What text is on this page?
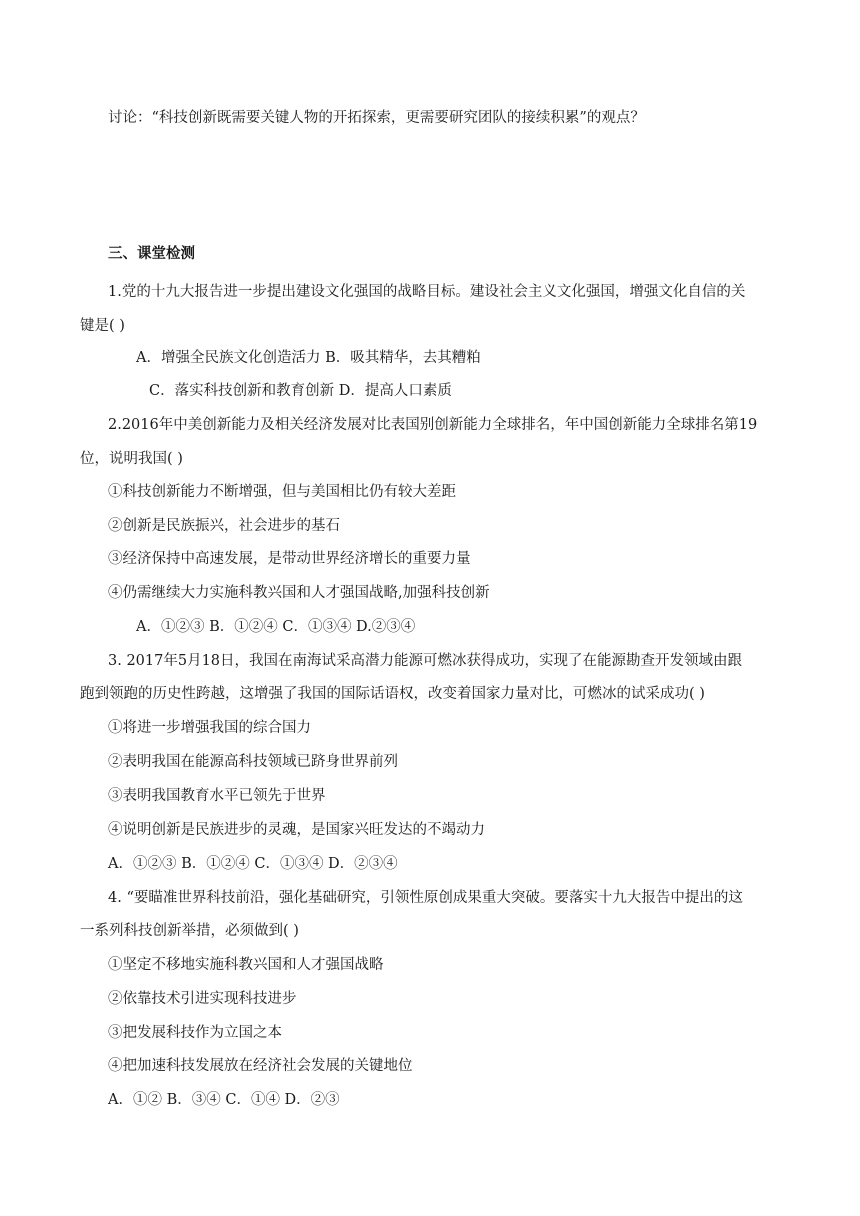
讨论：“科技创新既需要关键人物的开拓探索，更需要研究团队的接续积累”的观点？
三、课堂检测
1.党的十九大报告进一步提出建设文化强国的战略目标。建设社会主义文化强国，增强文化自信的关
键是( )
A．增强全民族文化创造活力 B．吸其精华，去其糟粕
C．落实科技创新和教育创新 D．提高人口素质
2.2016年中美创新能力及相关经济发展对比表国别创新能力全球排名，年中国创新能力全球排名第19
位，说明我国( )
①科技创新能力不断增强，但与美国相比仍有较大差距
②创新是民族振兴，社会进步的基石
③经济保持中高速发展，是带动世界经济增长的重要力量
④仍需继续大力实施科教兴国和人才强国战略,加强科技创新
A．①②③ B．①②④ C．①③④ D.②③④
3. 2017年5月18日，我国在南海试采高潜力能源可燃冰获得成功，实现了在能源勘查开发领域由跟
跑到领跑的历史性跨越，这增强了我国的国际话语权，改变着国家力量对比，可燃冰的试采成功( )
①将进一步增强我国的综合国力
②表明我国在能源高科技领域已跻身世界前列
③表明我国教育水平已领先于世界
④说明创新是民族进步的灵魂，是国家兴旺发达的不竭动力
A．①②③ B．①②④ C．①③④ D．②③④
4. “要瞄准世界科技前沿，强化基础研究，引领性原创成果重大突破。要落实十九大报告中提出的这
一系列科技创新举措，必须做到( )
①坚定不移地实施科教兴国和人才强国战略
②依靠技术引进实现科技进步
③把发展科技作为立国之本
④把加速科技发展放在经济社会发展的关键地位
A．①② B．③④ C．①④ D．②③
